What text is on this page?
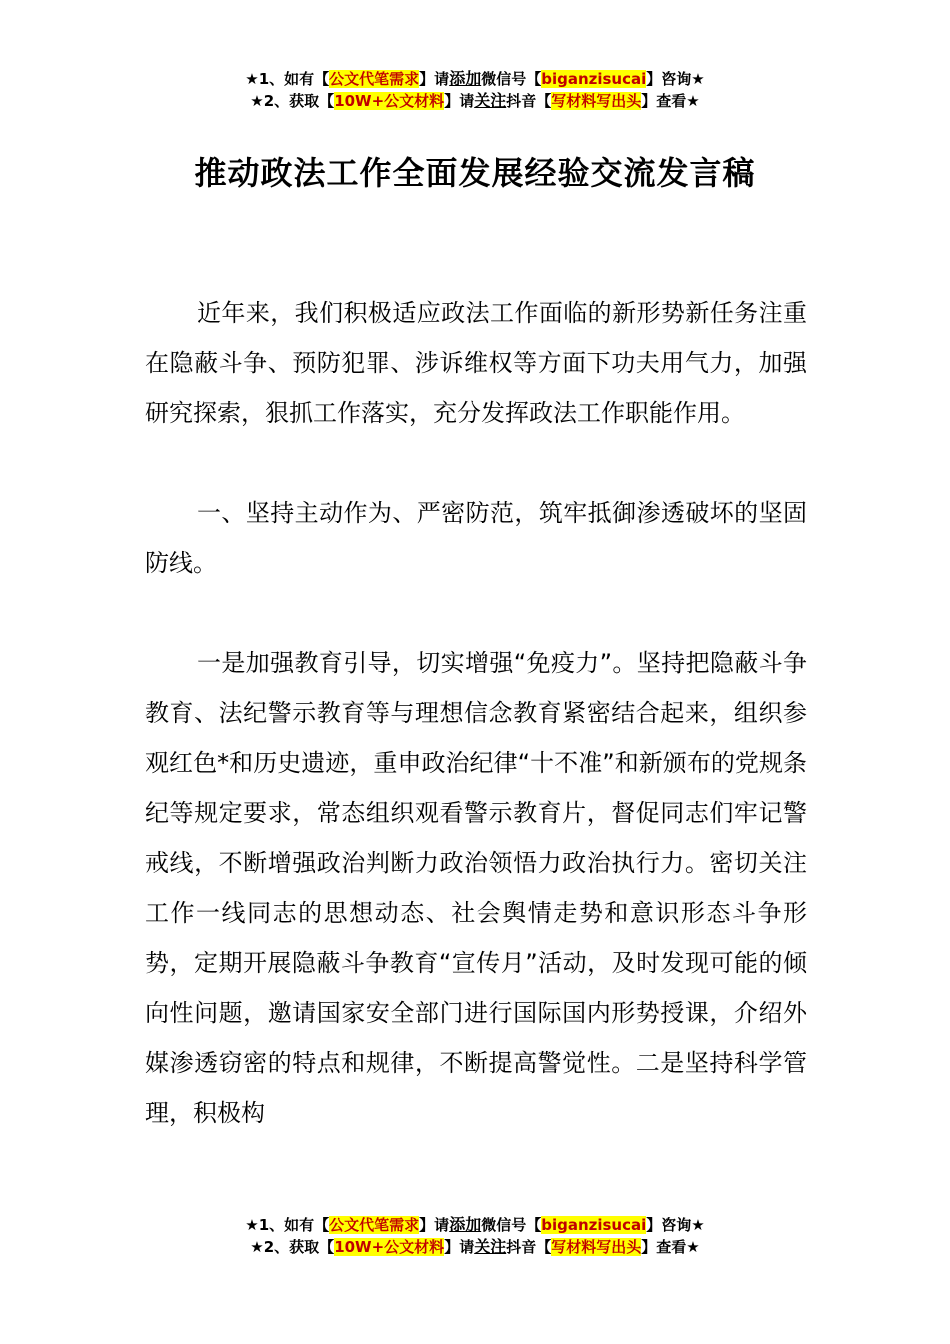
★1、如有【公文代笔需求】请添加微信号【biganzisucai】咨询★
★2、获取【10W+公文材料】请关注抖音【写材料写出头】查看★
推动政法工作全面发展经验交流发言稿

近年来，我们积极适应政法工作面临的新形势新任务注重在隐蔽斗争、预防犯罪、涉诉维权等方面下功夫用气力，加强研究探索，狠抓工作落实，充分发挥政法工作职能作用。

一、坚持主动作为、严密防范，筑牢抵御渗透破坏的坚固防线。

一是加强教育引导，切实增强“免疫力”。坚持把隐蔽斗争教育、法纪警示教育等与理想信念教育紧密结合起来，组织参观红色*和历史遗迹，重申政治纪律“十不准”和新颁布的党规条纪等规定要求，常态组织观看警示教育片，督促同志们牢记警戒线，不断增强政治判断力政治领悟力政治执行力。密切关注工作一线同志的思想动态、社会舆情走势和意识形态斗争形势，定期开展隐蔽斗争教育“宣传月”活动，及时发现可能的倾向性问题，邀请国家安全部门进行国际国内形势授课，介绍外媒渗透窃密的特点和规律，不断提高警觉性。二是坚持科学管理，积极构

★1、如有【公文代笔需求】请添加微信号【biganzisucai】咨询★
★2、获取【10W+公文材料】请关注抖音【写材料写出头】查看★
